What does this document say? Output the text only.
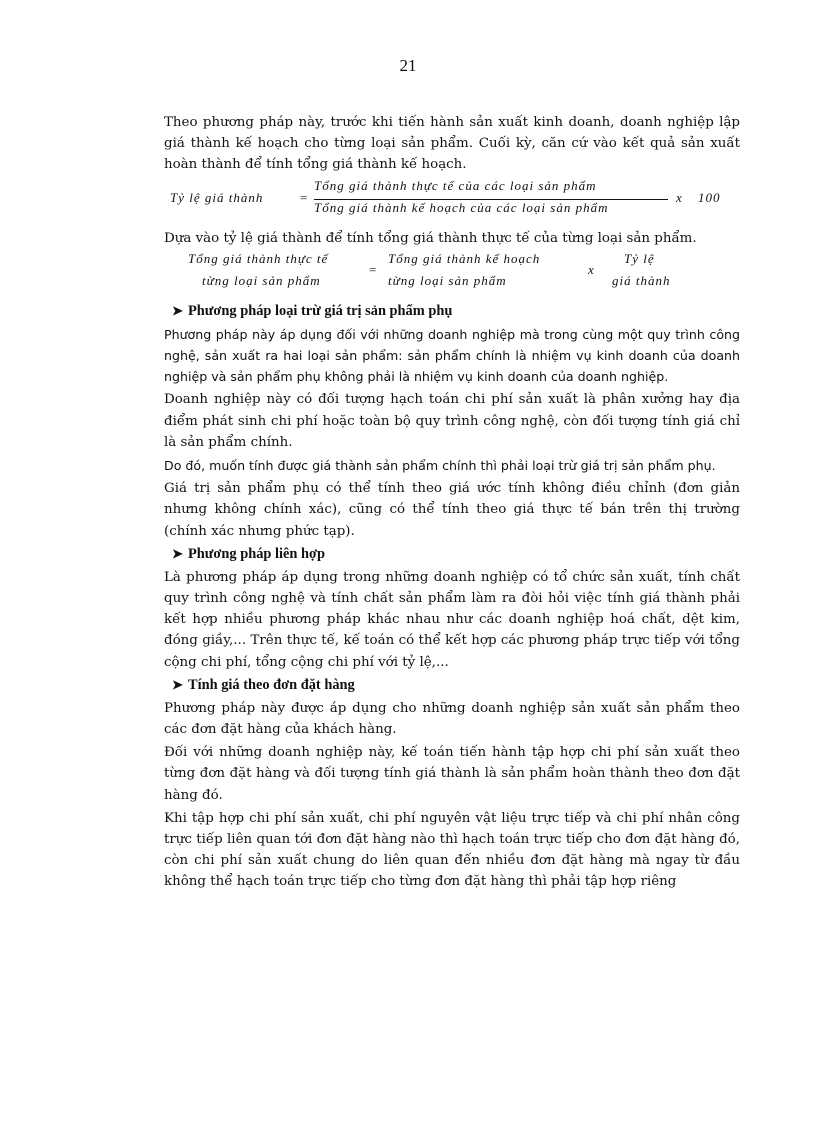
21

Theo phương pháp này, trước khi tiến hành sản xuất kinh doanh, doanh nghiệp lập giá thành kế hoạch cho từng loại sản phẩm. Cuối kỳ, căn cứ vào kết quả sản xuất hoàn thành để tính tổng giá thành kế hoạch.

Tỷ lệ giá thành	=
Tổng giá thành thực tế của các loại sản phẩm
Tổng giá thành kế hoạch của các loại sản phẩm
x 100

Dựa vào tỷ lệ giá thành để tính tổng giá thành thực tế của từng loại sản phẩm.

Tổng giá thành thực tế
từng loại sản phẩm
=
Tổng giá thành kế hoạch
từng loại sản phẩm
x
Tỷ lệ
giá thành
➤ Phương pháp loại trừ giá trị sản phẩm phụ

Phương pháp này áp dụng đối với những doanh nghiệp mà trong cùng một quy trình công nghệ, sản xuất ra hai loại sản phẩm: sản phẩm chính là nhiệm vụ kinh doanh của doanh nghiệp và sản phẩm phụ không phải là nhiệm vụ kinh doanh của doanh nghiệp.

Doanh nghiệp này có đối tượng hạch toán chi phí sản xuất là phân xưởng hay địa điểm phát sinh chi phí hoặc toàn bộ quy trình công nghệ, còn đối tượng tính giá chỉ là sản phẩm chính.

Do đó, muốn tính được giá thành sản phẩm chính thì phải loại trừ giá trị sản phẩm phụ.

Giá trị sản phẩm phụ có thể tính theo giá ước tính không điều chỉnh (đơn giản nhưng không chính xác), cũng có thể tính theo giá thực tế bán trên thị trường (chính xác nhưng phức tạp).

➤ Phương pháp liên hợp

Là phương pháp áp dụng trong những doanh nghiệp có tổ chức sản xuất, tính chất quy trình công nghệ và tính chất sản phẩm làm ra đòi hỏi việc tính giá thành phải kết hợp nhiều phương pháp khác nhau như các doanh nghiệp hoá chất, dệt kim, đóng giầy,... Trên thực tế, kế toán có thể kết hợp các phương pháp trực tiếp với tổng cộng chi phí, tổng cộng chi phí với tỷ lệ,...

➤ Tính giá theo đơn đặt hàng

Phương pháp này được áp dụng cho những doanh nghiệp sản xuất sản phẩm theo các đơn đặt hàng của khách hàng.

Đối với những doanh nghiệp này, kế toán tiến hành tập hợp chi phí sản xuất theo từng đơn đặt hàng và đối tượng tính giá thành là sản phẩm hoàn thành theo đơn đặt hàng đó.

Khi tập hợp chi phí sản xuất, chi phí nguyên vật liệu trực tiếp và chi phí nhân công trực tiếp liên quan tới đơn đặt hàng nào thì hạch toán trực tiếp cho đơn đặt hàng đó, còn chi phí sản xuất chung do liên quan đến nhiều đơn đặt hàng mà ngay từ đầu không thể hạch toán trực tiếp cho từng đơn đặt hàng thì phải tập hợp riêng
